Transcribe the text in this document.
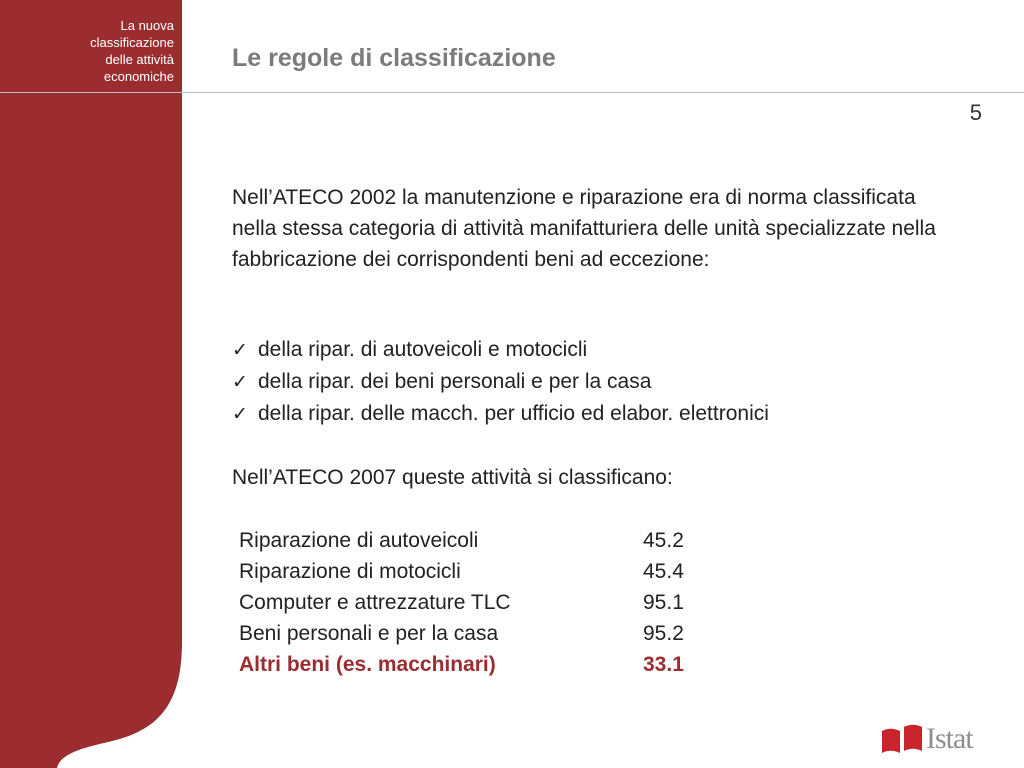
La nuova
classificazione
delle attività
economiche
Le regole di classificazione
5

Nell’ATECO 2002 la manutenzione e riparazione era di norma classificata nella stessa categoria di attività manifatturiera delle unità specializzate nella fabbricazione dei corrispondenti beni ad eccezione:

✓ della ripar. di autoveicoli e motocicli
✓ della ripar. dei beni personali e per la casa
✓ della ripar. delle macch. per ufficio ed elabor. elettronici

Nell’ATECO 2007 queste attività si classificano:

Riparazione di autoveicoli	45.2
Riparazione di motocicli	45.4
Computer e attrezzature TLC	95.1
Beni personali e per la casa	95.2
Altri beni (es. macchinari)	33.1
Istat
